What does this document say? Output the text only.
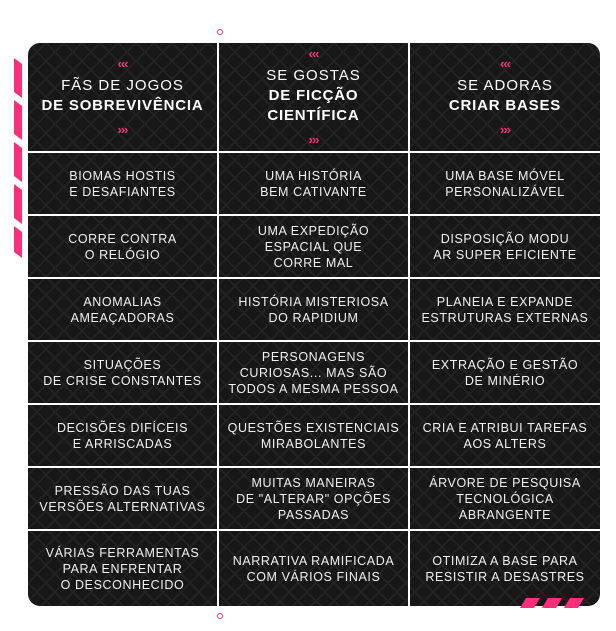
‹‹‹
FÃS DE JOGOS
DE SOBREVIVÊNCIA
›››
‹‹‹
SE GOSTAS
DE FICÇÃO CIENTÍFICA
›››
‹‹‹
SE ADORAS
CRIAR BASES
›››
BIOMAS HOSTIS
E DESAFIANTES
UMA HISTÓRIA
BEM CATIVANTE
UMA BASE MÓVEL
PERSONALIZÁVEL
CORRE CONTRA
O RELÓGIO
UMA EXPEDIÇÃO
ESPACIAL QUE
CORRE MAL
DISPOSIÇÃO MODU
AR SUPER EFICIENTE
ANOMALIAS
AMEAÇADORAS
HISTÓRIA MISTERIOSA
DO RAPIDIUM
PLANEIA E EXPANDE
ESTRUTURAS EXTERNAS
SITUAÇÕES
DE CRISE CONSTANTES
PERSONAGENS
CURIOSAS... MAS SÃO
TODOS A MESMA PESSOA
EXTRAÇÃO E GESTÃO
DE MINÉRIO
DECISÕES DIFÍCEIS
E ARRISCADAS
QUESTÕES EXISTENCIAIS
MIRABOLANTES
CRIA E ATRIBUI TAREFAS
AOS ALTERS
PRESSÃO DAS TUAS
VERSÕES ALTERNATIVAS
MUITAS MANEIRAS
DE "ALTERAR" OPÇÕES
PASSADAS
ÁRVORE DE PESQUISA
TECNOLÓGICA
ABRANGENTE
VÁRIAS FERRAMENTAS
PARA ENFRENTAR
O DESCONHECIDO
NARRATIVA RAMIFICADA
COM VÁRIOS FINAIS
OTIMIZA A BASE PARA
RESISTIR A DESASTRES
